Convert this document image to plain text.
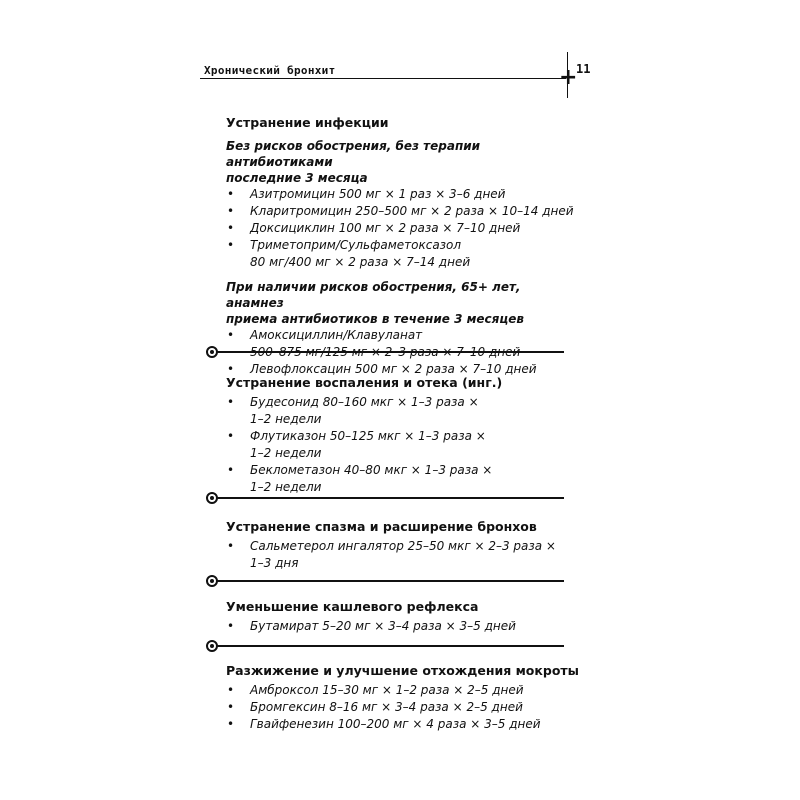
Хронический бронхит	+
11
Устранение инфекции
Без рисков обострения, без терапии антибиотиками
последние 3 месяца
• Азитромицин 500 мг × 1 раз × 3–6 дней
• Кларитромицин 250–500 мг × 2 раза × 10–14 дней
• Доксициклин 100 мг × 2 раза × 7–10 дней
• Триметоприм/Сульфаметоксазол
80 мг/400 мг × 2 раза × 7–14 дней
При наличии рисков обострения, 65+ лет, анамнез
приема антибиотиков в течение 3 месяцев
• Амоксициллин/Клавуланат
• Левофлоксацин 500 мг × 2 раза × 7–10 дней
Устранение воспаления и отека (инг.)
• Будесонид 80–160 мкг × 1–3 раза ×
1–2 недели
• Флутиказон 50–125 мкг × 1–3 раза ×
1–2 недели
• Беклометазон 40–80 мкг × 1–3 раза ×
1–2 недели
Устранение спазма и расширение бронхов
• Сальметерол ингалятор 25–50 мкг × 2–3 раза ×
1–3 дня
Уменьшение кашлевого рефлекса
• Бутамират 5–20 мг × 3–4 раза × 3–5 дней
Разжижение и улучшение отхождения мокроты
• Амброксол 15–30 мг × 1–2 раза × 2–5 дней
• Бромгексин 8–16 мг × 3–4 раза × 2–5 дней
• Гвайфенезин 100–200 мг × 4 раза × 3–5 дней
